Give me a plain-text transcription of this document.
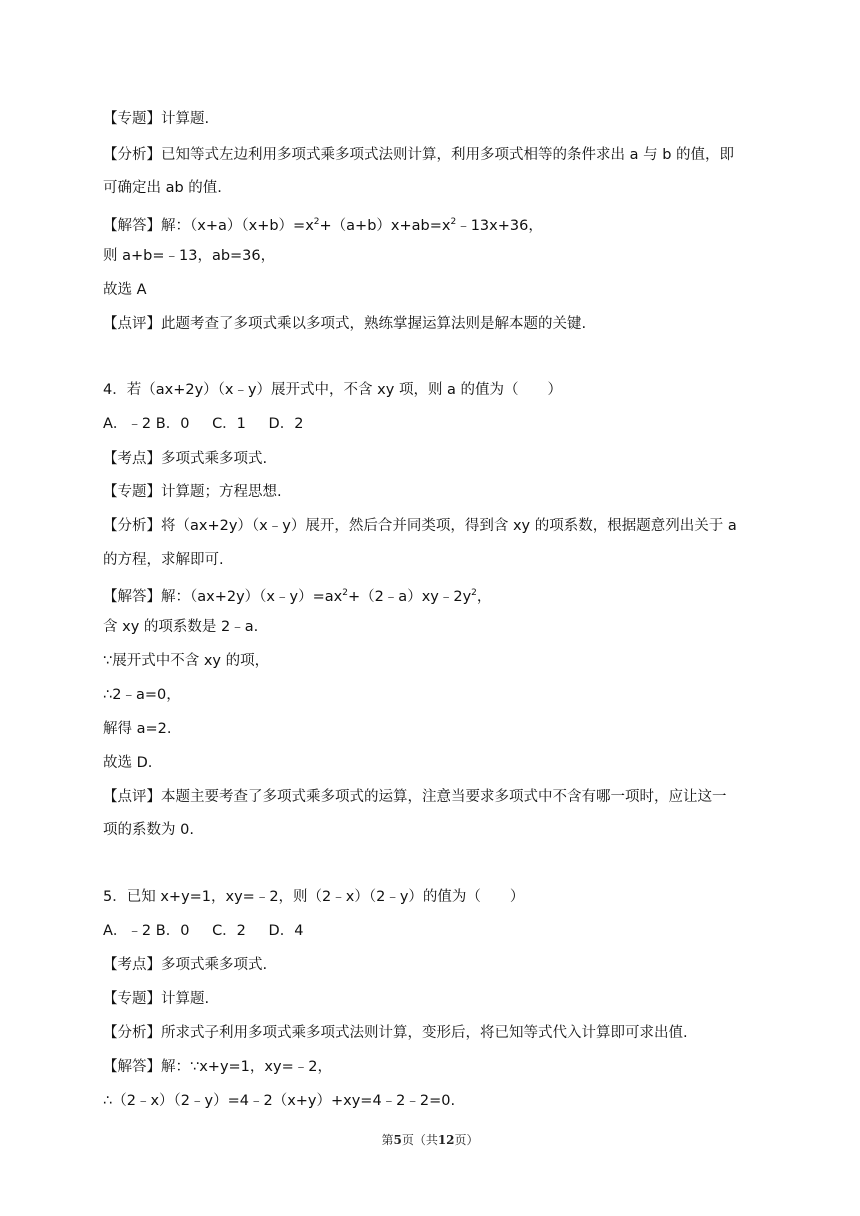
【专题】计算题.
【分析】已知等式左边利用多项式乘多项式法则计算，利用多项式相等的条件求出 a 与 b 的值，即
可确定出 ab 的值.
【解答】解：$(x+a)(x+b)=x^2+(a+b)x+ab=x^2﹣13x+36$，
则 a+b=﹣13，ab=36，
故选 A
【点评】此题考查了多项式乘以多项式，熟练掌握运算法则是解本题的关键.
4．若（ax+2y）（x﹣y）展开式中，不含 xy 项，则 a 的值为（　　）
A．﹣2 B．0 C．1 D．2
【考点】多项式乘多项式.
【专题】计算题；方程思想.
【分析】将（ax+2y）（x﹣y）展开，然后合并同类项，得到含 xy 的项系数，根据题意列出关于 a
的方程，求解即可.
【解答】解：$(ax+2y)(x﹣y)=ax^2+(2﹣a)xy﹣2y^2$，
含 xy 的项系数是 2﹣a.
∵展开式中不含 xy 的项，
∴2﹣a=0，
解得 a=2.
故选 D.
【点评】本题主要考查了多项式乘多项式的运算，注意当要求多项式中不含有哪一项时，应让这一
项的系数为 0.
5．已知 x+y=1，xy=﹣2，则（2﹣x）（2﹣y）的值为（　　）
A．﹣2 B．0 C．2 D．4
【考点】多项式乘多项式.
【专题】计算题.
【分析】所求式子利用多项式乘多项式法则计算，变形后，将已知等式代入计算即可求出值.
【解答】解：∵x+y=1，xy=﹣2，
∴（2﹣x）（2﹣y）=4﹣2（x+y）+xy=4﹣2﹣2=0.
第5页（共12页）
